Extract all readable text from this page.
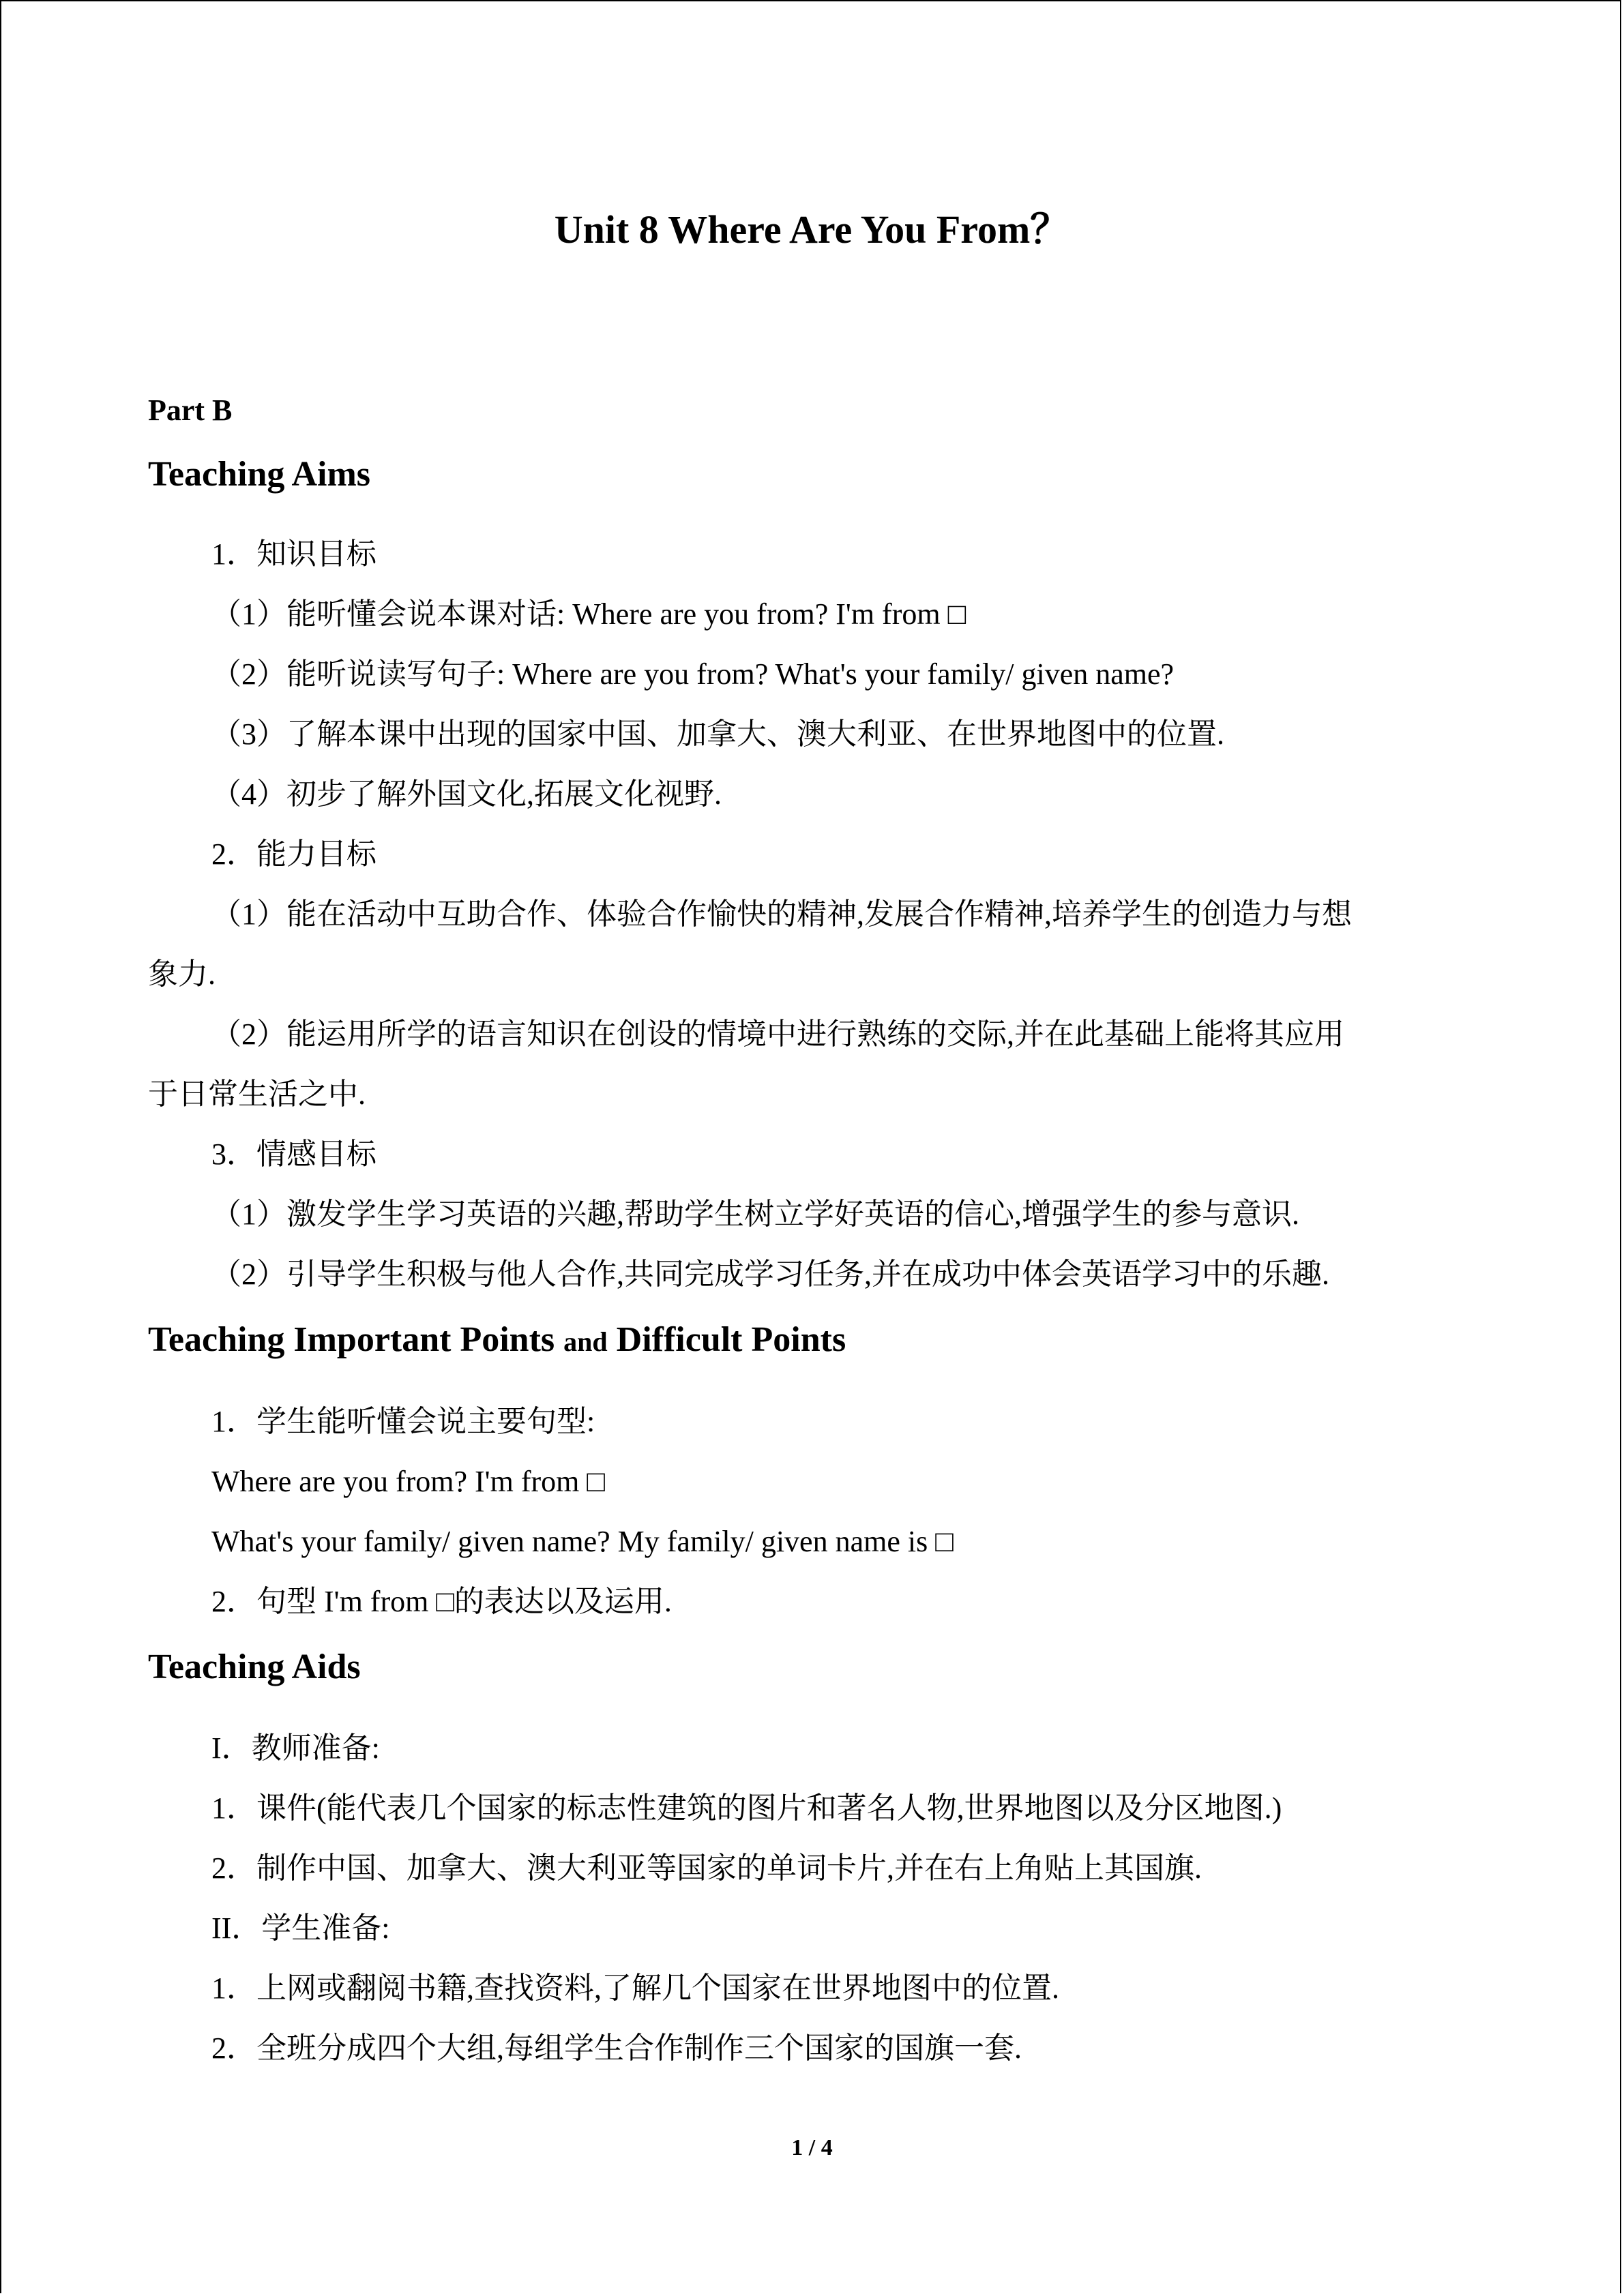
Unit 8 Where Are You From？
Part B
Teaching Aims
1．知识目标
（1）能听懂会说本课对话: Where are you from? I'm from □
（2）能听说读写句子: Where are you from? What's your family/ given name?
（3）了解本课中出现的国家中国、加拿大、澳大利亚、在世界地图中的位置.
（4）初步了解外国文化,拓展文化视野.
2．能力目标
（1）能在活动中互助合作、体验合作愉快的精神,发展合作精神,培养学生的创造力与想
象力.
（2）能运用所学的语言知识在创设的情境中进行熟练的交际,并在此基础上能将其应用
于日常生活之中.
3．情感目标
（1）激发学生学习英语的兴趣,帮助学生树立学好英语的信心,增强学生的参与意识.
（2）引导学生积极与他人合作,共同完成学习任务,并在成功中体会英语学习中的乐趣.
Teaching Important Points and Difficult Points
1．学生能听懂会说主要句型:
Where are you from? I'm from □
What's your family/ given name? My family/ given name is □
2．句型 I'm from □的表达以及运用.
Teaching Aids
I．教师准备:
1．课件(能代表几个国家的标志性建筑的图片和著名人物,世界地图以及分区地图.)
2．制作中国、加拿大、澳大利亚等国家的单词卡片,并在右上角贴上其国旗.
II．学生准备:
1．上网或翻阅书籍,查找资料,了解几个国家在世界地图中的位置.
2．全班分成四个大组,每组学生合作制作三个国家的国旗一套.
1 / 4
